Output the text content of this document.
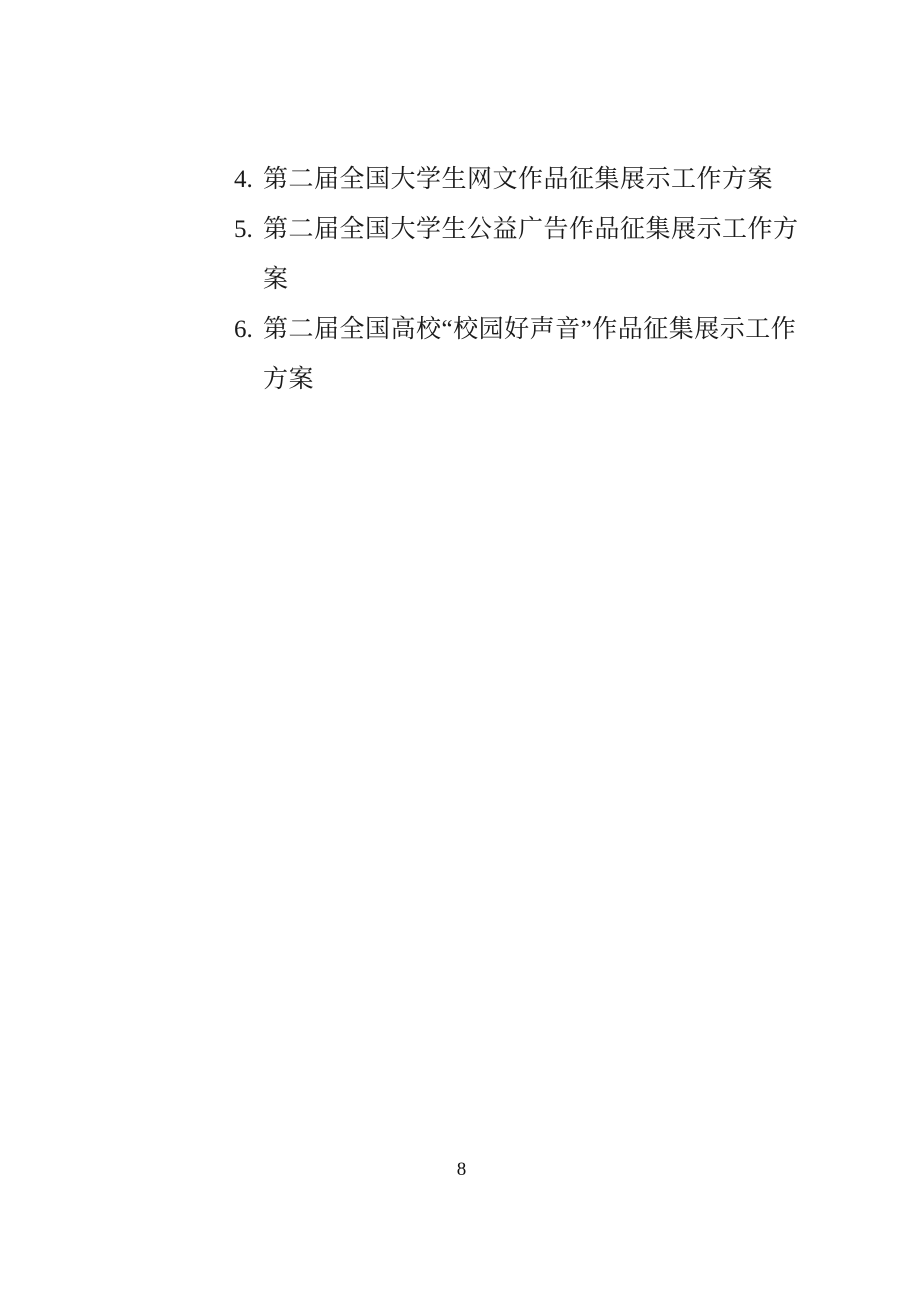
4. 第二届全国大学生网文作品征集展示工作方案
5. 第二届全国大学生公益广告作品征集展示工作方案
6. 第二届全国高校“校园好声音”作品征集展示工作方案
8
